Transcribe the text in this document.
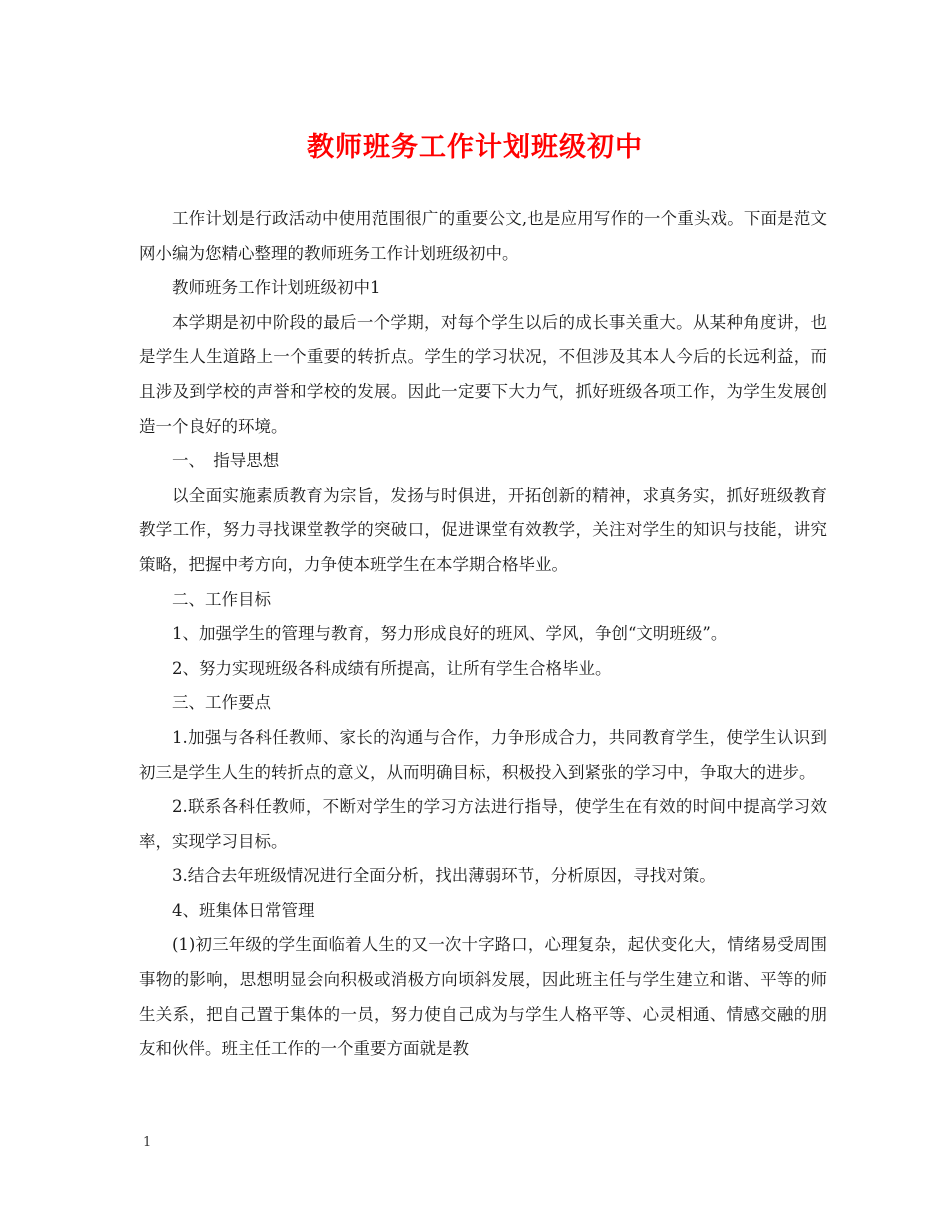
教师班务工作计划班级初中

工作计划是行政活动中使用范围很广的重要公文,也是应用写作的一个重头戏。下面是范文网小编为您精心整理的教师班务工作计划班级初中。

教师班务工作计划班级初中1

本学期是初中阶段的最后一个学期，对每个学生以后的成长事关重大。从某种角度讲，也是学生人生道路上一个重要的转折点。学生的学习状况，不但涉及其本人今后的长远利益，而且涉及到学校的声誉和学校的发展。因此一定要下大力气，抓好班级各项工作，为学生发展创造一个良好的环境。

一、　指导思想

以全面实施素质教育为宗旨，发扬与时俱进，开拓创新的精神，求真务实，抓好班级教育教学工作，努力寻找课堂教学的突破口，促进课堂有效教学，关注对学生的知识与技能，讲究策略，把握中考方向，力争使本班学生在本学期合格毕业。

二、工作目标

1、加强学生的管理与教育，努力形成良好的班风、学风，争创“文明班级”。

2、努力实现班级各科成绩有所提高，让所有学生合格毕业。

三、工作要点

1.加强与各科任教师、家长的沟通与合作，力争形成合力，共同教育学生，使学生认识到初三是学生人生的转折点的意义，从而明确目标，积极投入到紧张的学习中，争取大的进步。

2.联系各科任教师，不断对学生的学习方法进行指导，使学生在有效的时间中提高学习效率，实现学习目标。

3.结合去年班级情况进行全面分析，找出薄弱环节，分析原因，寻找对策。

4、班集体日常管理

(1)初三年级的学生面临着人生的又一次十字路口，心理复杂，起伏变化大，情绪易受周围事物的影响，思想明显会向积极或消极方向顷斜发展，因此班主任与学生建立和谐、平等的师生关系，把自己置于集体的一员，努力使自己成为与学生人格平等、心灵相通、情感交融的朋友和伙伴。班主任工作的一个重要方面就是教

1
